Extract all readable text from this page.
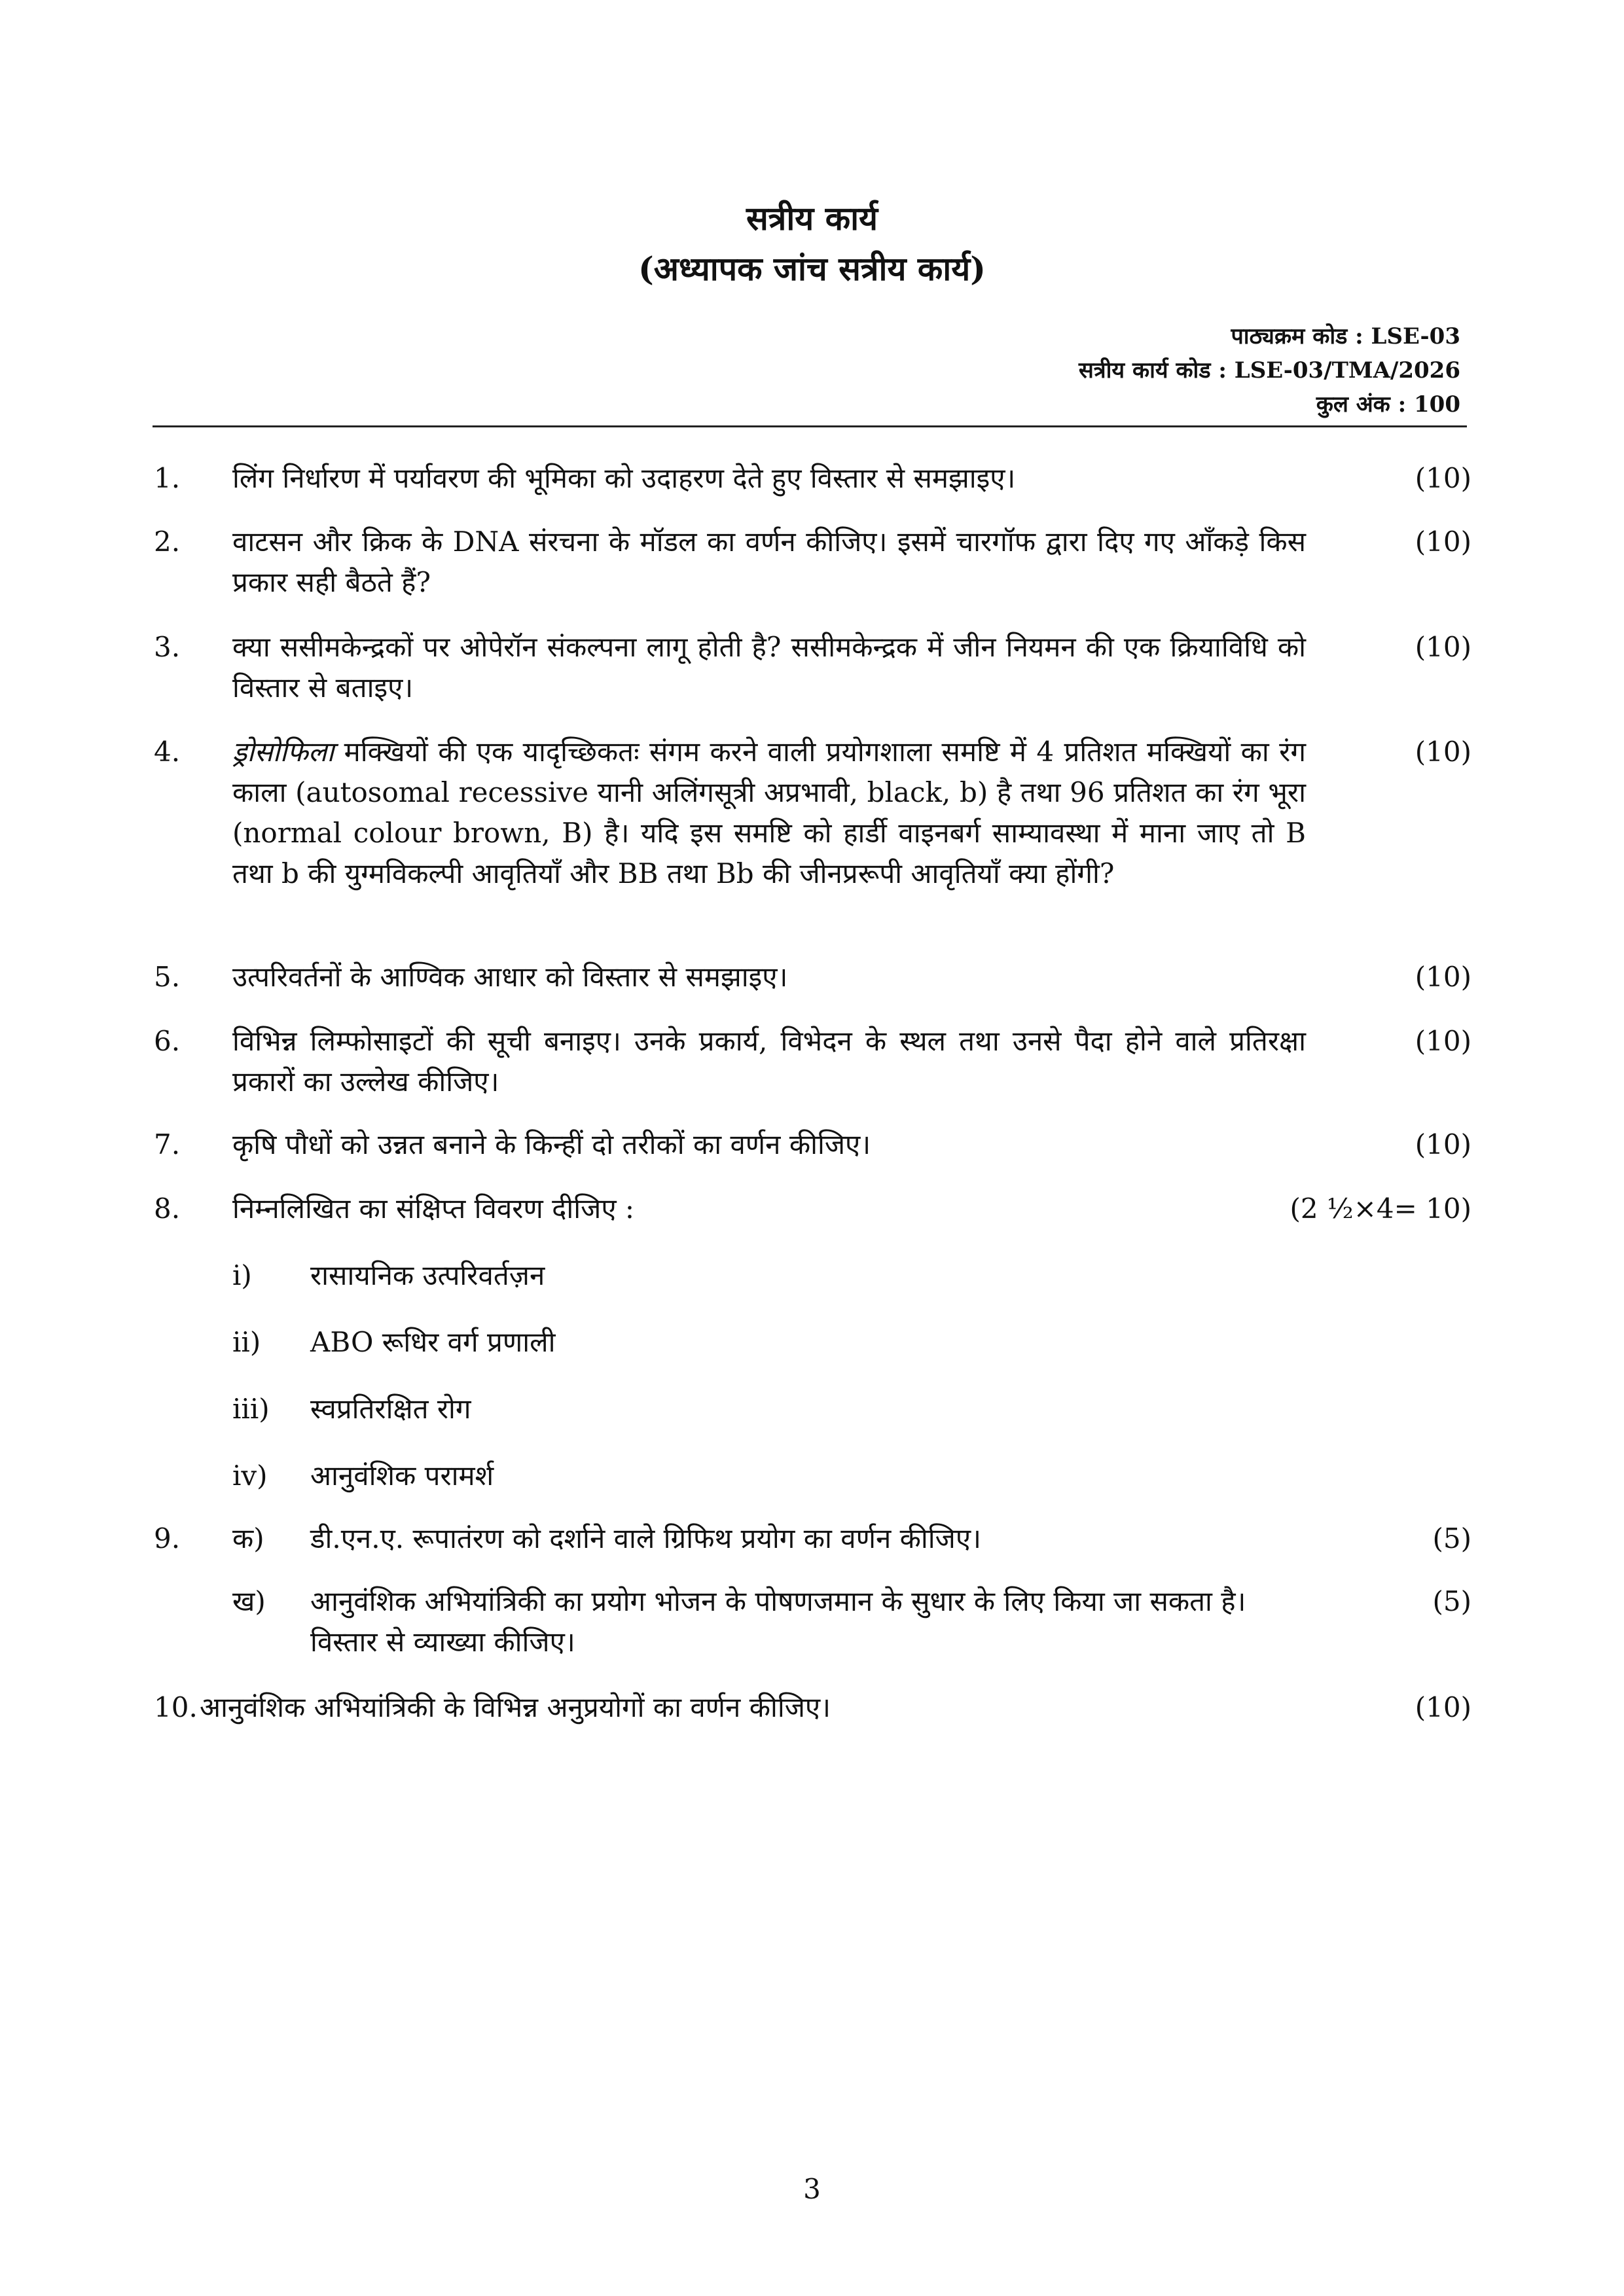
सत्रीय कार्य
(अध्यापक जांच सत्रीय कार्य)
पाठ्यक्रम कोड : LSE-03
सत्रीय कार्य कोड : LSE-03/TMA/2026
कुल अंक : 100
1. लिंग निर्धारण में पर्यावरण की भूमिका को उदाहरण देते हुए विस्तार से समझाइए।	(10)
2. वाटसन और क्रिक के DNA संरचना के मॉडल का वर्णन कीजिए। इसमें चारगॉफ द्वारा दिए गए आँकड़े किस प्रकार सही बैठते हैं?
(10)
3. क्या ससीमकेन्द्रकों पर ओपेरॉन संकल्पना लागू होती है? ससीमकेन्द्रक में जीन नियमन की एक क्रियाविधि को विस्तार से बताइए।
(10)
4. ड्रोसोफिला मक्खियों की एक यादृच्छिकतः संगम करने वाली प्रयोगशाला समष्टि में 4 प्रतिशत मक्खियों का रंग काला (autosomal recessive यानी अलिंगसूत्री अप्रभावी, black, b) है तथा 96 प्रतिशत का रंग भूरा (normal colour brown, B) है। यदि इस समष्टि को हार्डी वाइनबर्ग साम्यावस्था में माना जाए तो B तथा b की युग्मविकल्पी आवृतियाँ और BB तथा Bb की जीनप्ररूपी आवृतियाँ क्या होंगी?
(10)
5. उत्परिवर्तनों के आण्विक आधार को विस्तार से समझाइए।	(10)
6. विभिन्न लिम्फोसाइटों की सूची बनाइए। उनके प्रकार्य, विभेदन के स्थल तथा उनसे पैदा होने वाले प्रतिरक्षा प्रकारों का उल्लेख कीजिए।
(10)
7. कृषि पौधों को उन्नत बनाने के किन्हीं दो तरीकों का वर्णन कीजिए।	(10)
8. निम्नलिखित का संक्षिप्त विवरण दीजिए :	(2 ½×4= 10)
i) रासायनिक उत्परिवर्तज़न
ii) ABO रूधिर वर्ग प्रणाली
iii) स्वप्रतिरक्षित रोग
iv) आनुवंशिक परामर्श
9. क) डी.एन.ए. रूपातंरण को दर्शाने वाले ग्रिफिथ प्रयोग का वर्णन कीजिए।	(5)
ख) आनुवंशिक अभियांत्रिकी का प्रयोग भोजन के पोषणजमान के सुधार के लिए किया जा सकता है। विस्तार से व्याख्या कीजिए।
(5)
10. आनुवंशिक अभियांत्रिकी के विभिन्न अनुप्रयोगों का वर्णन कीजिए।	(10)
3
